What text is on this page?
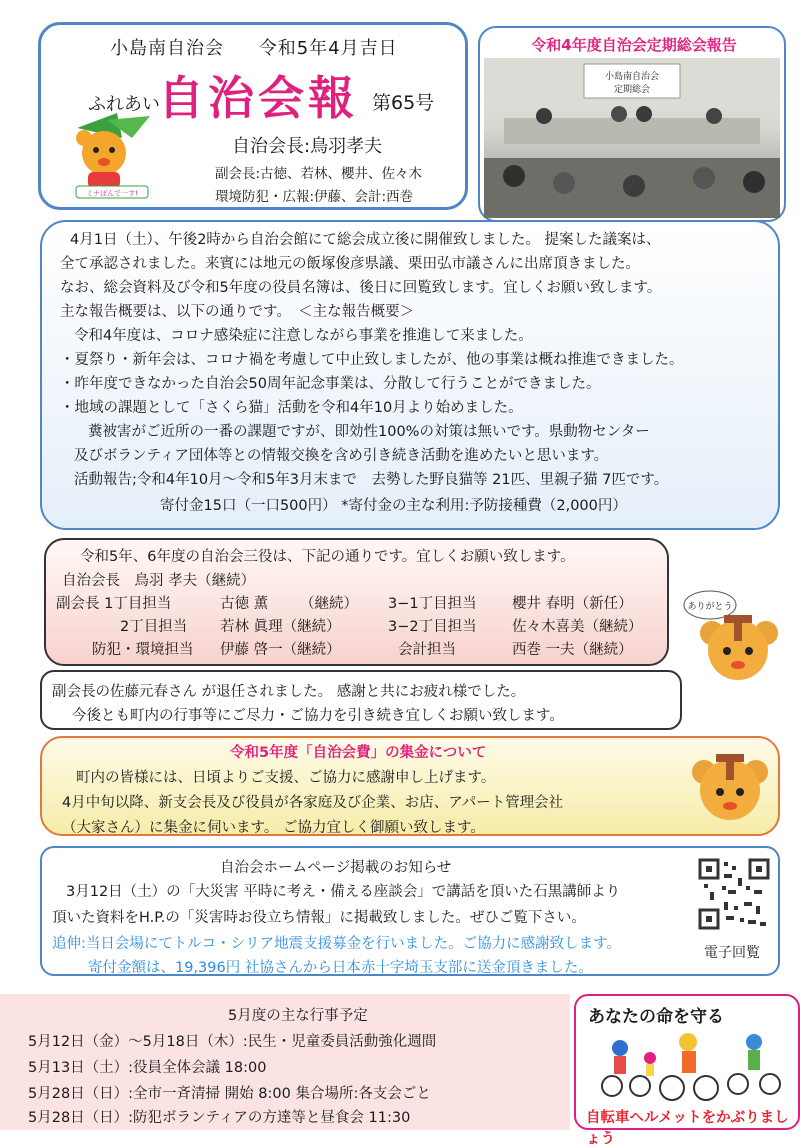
小島南自治会 令和5年4月吉日
ふれあい
自治会報 第65号
自治会長:鳥羽孝夫
副会長:古徳、若林、櫻井、佐々木
環境防犯・広報:伊藤、会計:西巻
ミナぽんで一す!
令和4年度自治会定期総会報告
小島南自治会
定期総会
4月1日（土）、午後2時から自治会館にて総会成立後に開催致しました。 提案した議案は、
全て承認されました。来賓には地元の飯塚俊彦県議、栗田弘市議さんに出席頂きました。
なお、総会資料及び令和5年度の役員名簿は、後日に回覧致します。宜しくお願い致します。
主な報告概要は、以下の通りです。　＜主な報告概要＞
令和4年度は、コロナ感染症に注意しながら事業を推進して来ました。
・夏祭り・新年会は、コロナ禍を考慮して中止致しましたが、他の事業は概ね推進できました。
・昨年度できなかった自治会50周年記念事業は、分散して行うことができました。
・地域の課題として「さくら猫」活動を令和4年10月より始めました。
糞被害がご近所の一番の課題ですが、即効性100%の対策は無いです。県動物センター
及びボランティア団体等との情報交換を含め引き続き活動を進めたいと思います。
活動報告;令和4年10月～令和5年3月末まで　去勢した野良猫等 21匹、里親子猫 7匹です。
寄付金15口（一口500円） *寄付金の主な利用:予防接種費（2,000円）
令和5年、6年度の自治会三役は、下記の通りです。宜しくお願い致します。
自治会長　鳥羽 孝夫（継続）
副会長 1丁目担当	古徳 薫 （継続） 3−1丁目担当 櫻井 春明（新任）
2丁目担当 若林 眞理（継続）	3−2丁目担当 佐々木喜美（継続）
防犯・環境担当 伊藤 啓一（継続）	会計担当	西巻 一夫（継続）
ありがとう
副会長の佐藤元春さん が退任されました。 感謝と共にお疲れ様でした。
今後とも町内の行事等にご尽力・ご協力を引き続き宜しくお願い致します。
令和5年度「自治会費」の集金について
町内の皆様には、日頃よりご支援、ご協力に感謝申し上げます。
4月中旬以降、新支会長及び役員が各家庭及び企業、お店、アパート管理会社
（大家さん）に集金に伺います。 ご協力宜しく御願い致します。
自治会ホームページ掲載のお知らせ
3月12日（土）の「大災害 平時に考え・備える座談会」で講話を頂いた石黒講師より
頂いた資料をH.P.の「災害時お役立ち情報」に掲載致しました。ぜひご覧下さい。
追伸:当日会場にてトルコ・シリア地震支援募金を行いました。ご協力に感謝致します。
寄付金額は、19,396円 社協さんから日本赤十字埼玉支部に送金頂きました。
電子回覧
5月度の主な行事予定
5月12日（金）～5月18日（木）:民生・児童委員活動強化週間
5月13日（土）:役員全体会議 18:00
5月28日（日）:全市一斉清掃 開始 8:00 集合場所:各支会ごと
5月28日（日）:防犯ボランティアの方達等と昼食会 11:30
あなたの命を守る
自転車ヘルメットをかぶりましょう
